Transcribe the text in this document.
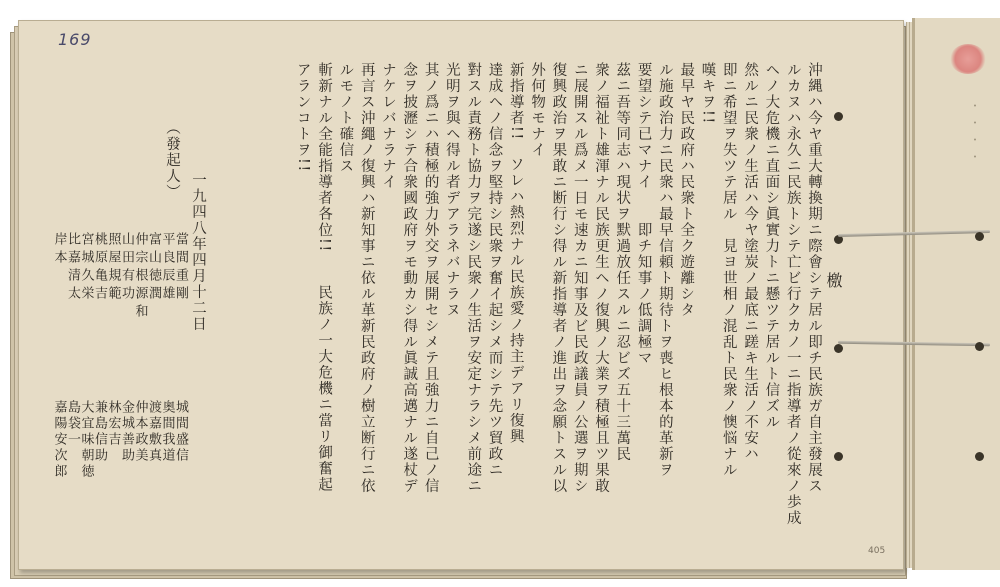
・・・・
169
405
檄
沖縄ハ今ヤ重大轉換期ニ際會シテ居ル即チ民族ガ自主發展ス
ルカヌハ永久ニ民族トシテ亡ビ行クカノ一ニ指導者ノ從來ノ歩成
ヘノ大危機ニ直面シ眞實力トニ懸ツテ居ルト信ズル
然ルニ民衆ノ生活ハ今ヤ塗炭ノ最底ニ蹉キ生活ノ不安ハ
即ニ希望ヲ失ツテ居ル　見ヨ世相ノ混乱ト民衆ノ懊悩ナル
嘆キヲ!!
最早ヤ民政府ハ民衆ト全ク遊離シタ
ル施政治力ニ民衆ハ最早信頼ト期待トヲ喪ヒ根本的革新ヲ
要望シテ已マナイ　　即チ知事ノ低調極マ
茲ニ吾等同志ハ現状ヲ默過放任スルニ忍ビズ五十三萬民
衆ノ福祉ト雄渾ナル民族更生ヘノ復興ノ大業ヲ積極且ツ果敢
ニ展開スル爲メ一日モ速カニ知事及ビ民政議員ノ公選ヲ期シ
復興政治ヲ果敢ニ断行シ得ル新指導者ノ進出ヲ念願トスル以
外何物モナイ
新指導者!!　ソレハ熱烈ナル民族愛ノ持主デアリ復興
達成ヘノ信念ヲ堅持シ民衆ヲ奮イ起シメ而シテ先ツ貿政ニ
對スル責務ト協力ヲ完遂シ民衆ノ生活ヲ安定ナラシメ前途ニ
光明ヲ與ヘ得ル者デアラネバナラヌ
其ノ爲ニハ積極的強力外交ヲ展開セシメテ且強力ニ自己ノ信
念ヲ披瀝シテ合衆國政府ヲモ動カシ得ル眞誠高邁ナル遂杖デ
ナケレバナラナイ
再言ス沖繩ノ復興ハ新知事ニ依ル革新民政府ノ樹立断行ニ依
ルモノト確信ス
斬新ナル全能指導者各位!!　　民族ノ一大危機ニ當リ御奮起
アランコトヲ!!
一九四八年四月十二日
（發起人）
當間重剛
平良辰雄
富山徳潤
仲宗根源和
山田有功
照屋規範
桃原亀吉
宮城久栄
比嘉清太
岸本
城間盛信
奥間我道
渡嘉敷真
仲本政美
金城善助
林宏吉
兼島信助
大宜味朝徳
島袋一
嘉陽安次郎
